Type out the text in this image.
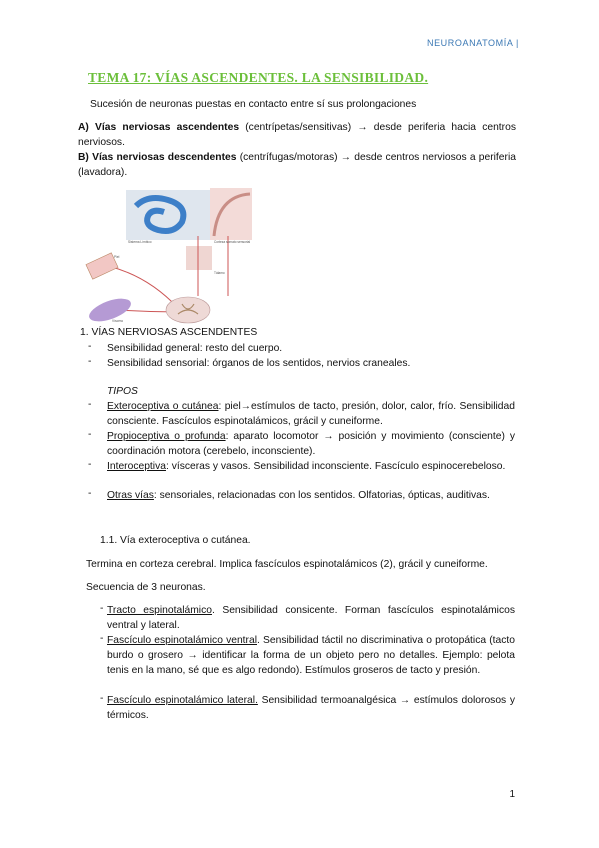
NEUROANATOMÍA |
TEMA 17: VÍAS ASCENDENTES. LA SENSIBILIDAD.
Sucesión de neuronas puestas en contacto entre sí sus prolongaciones
A) Vías nerviosas ascendentes (centrípetas/sensitivas) → desde periferia hacia centros nerviosos.
B) Vías nerviosas descendentes (centrífugas/motoras) → desde centros nerviosos a periferia (lavadora).
Sistema Límbico	Corteza somato sensorial
Tálamo
Piel
Víscera
1. VÍAS NERVIOSAS ASCENDENTES
- Sensibilidad general: resto del cuerpo.
- Sensibilidad sensorial: órganos de los sentidos, nervios craneales.
TIPOS
- Exteroceptiva o cutánea: piel→estímulos de tacto, presión, dolor, calor, frío. Sensibilidad consciente. Fascículos espinotalámicos, grácil y cuneiforme.
- Propioceptiva o profunda: aparato locomotor → posición y movimiento (consciente) y coordinación motora (cerebelo, inconsciente).
- Interoceptiva: vísceras y vasos. Sensibilidad inconsciente. Fascículo espinocerebeloso.
- Otras vías: sensoriales, relacionadas con los sentidos. Olfatorias, ópticas, auditivas.
1.1. Vía exteroceptiva o cutánea.
Termina en corteza cerebral. Implica fascículos espinotalámicos (2), grácil y cuneiforme.
Secuencia de 3 neuronas.
- Tracto espinotalámico. Sensibilidad consicente. Forman fascículos espinotalámicos ventral y lateral.
- Fascículo espinotalámico ventral. Sensibilidad táctil no discriminativa o protopática (tacto burdo o grosero → identificar la forma de un objeto pero no detalles. Ejemplo: pelota tenis en la mano, sé que es algo redondo). Estímulos groseros de tacto y presión.
- Fascículo espinotalámico lateral. Sensibilidad termoanalgésica → estímulos dolorosos y térmicos.
1
